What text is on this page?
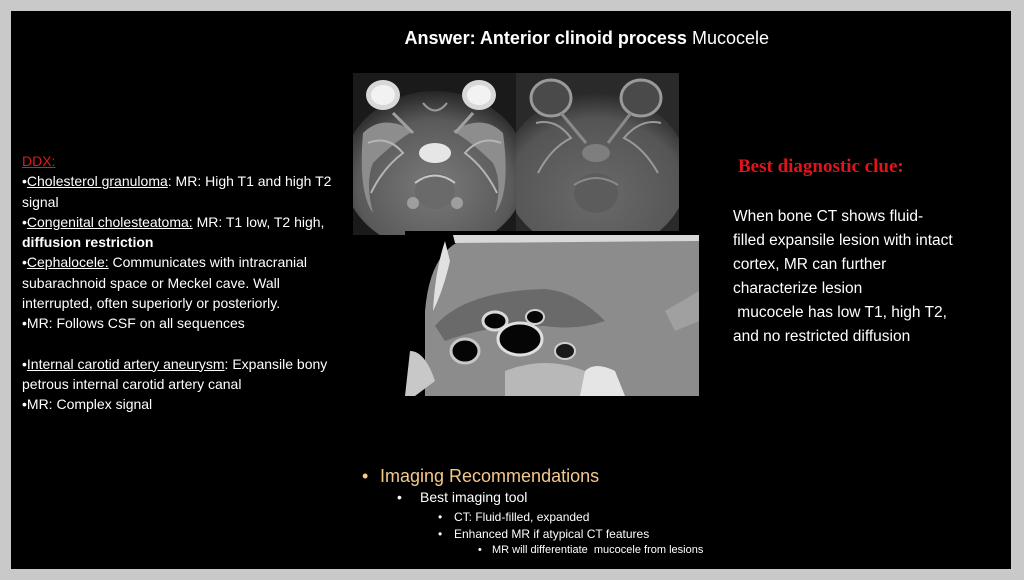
Answer: Anterior clinoid process Mucocele
DDX:
•Cholesterol granuloma: MR: High T1 and high T2 signal
•Congenital cholesteatoma: MR: T1 low, T2 high, diffusion restriction
•Cephalocele: Communicates with intracranial subarachnoid space or Meckel cave. Wall interrupted, often superiorly or posteriorly.
•MR: Follows CSF on all sequences
•Internal carotid artery aneurysm: Expansile bony petrous internal carotid artery canal
•MR: Complex signal
Best diagnostic clue:
When bone CT shows fluid-
filled expansile lesion with intact
cortex, MR can further
characterize lesion
mucocele has low T1, high T2,
and no restricted diffusion
• Imaging Recommendations
• Best imaging tool
• CT: Fluid-filled, expanded
• Enhanced MR if atypical CT features
• MR will differentiate  mucocele from lesions
